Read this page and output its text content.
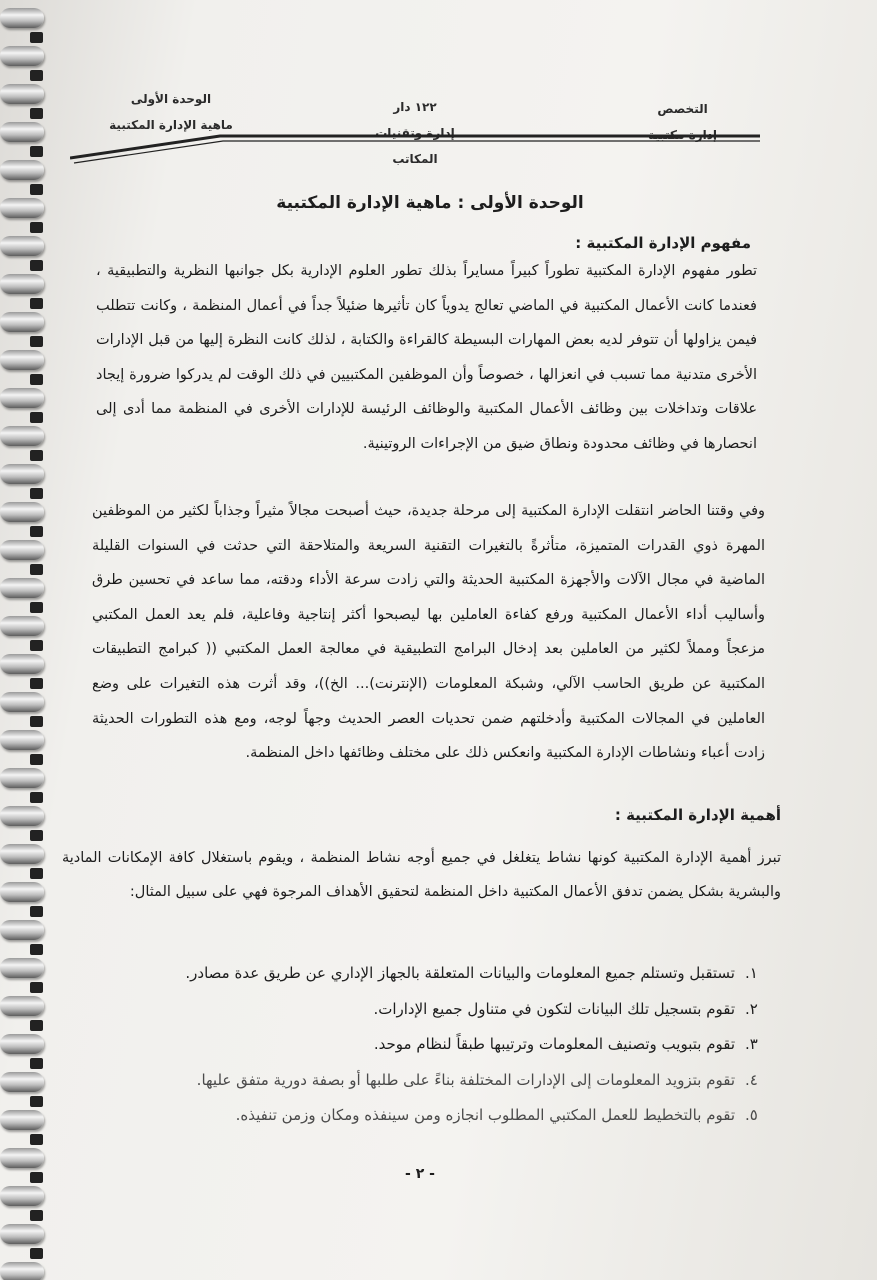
التخصص
إدارة مكتبية
١٢٢ دار
إدارة وتقنيات المكاتب
الوحدة الأولى
ماهية الإدارة المكتبية
الوحدة الأولى : ماهية الإدارة المكتبية
مفهوم الإدارة المكتبية :

تطور مفهوم الإدارة المكتبية تطوراً كبيراً مسايراً بذلك تطور العلوم الإدارية بكل جوانبها النظرية والتطبيقية ، فعندما كانت الأعمال المكتبية في الماضي تعالج يدوياً كان تأثيرها ضئيلاً جداً في أعمال المنظمة ، وكانت تتطلب فيمن يزاولها أن تتوفر لديه بعض المهارات البسيطة كالقراءة والكتابة ، لذلك كانت النظرة إليها من قبل الإدارات الأخرى متدنية مما تسبب في انعزالها ، خصوصاً وأن الموظفين المكتبيين في ذلك الوقت لم يدركوا ضرورة إيجاد علاقات وتداخلات بين وظائف الأعمال المكتبية والوظائف الرئيسة للإدارات الأخرى في المنظمة مما أدى إلى انحصارها في وظائف محدودة ونطاق ضيق من الإجراءات الروتينية.

وفي وقتنا الحاضر انتقلت الإدارة المكتبية إلى مرحلة جديدة، حيث أصبحت مجالاً مثيراً وجذاباً لكثير من الموظفين المهرة ذوي القدرات المتميزة، متأثرةً بالتغيرات التقنية السريعة والمتلاحقة التي حدثت في السنوات القليلة الماضية في مجال الآلات والأجهزة المكتبية الحديثة والتي زادت سرعة الأداء ودقته، مما ساعد في تحسين طرق وأساليب أداء الأعمال المكتبية ورفع كفاءة العاملين بها ليصبحوا أكثر إنتاجية وفاعلية، فلم يعد العمل المكتبي مزعجاً ومملاً لكثير من العاملين بعد إدخال البرامج التطبيقية في معالجة العمل المكتبي (( كبرامج التطبيقات المكتبية عن طريق الحاسب الآلي، وشبكة المعلومات (الإنترنت)... الخ))، وقد أثرت هذه التغيرات على وضع العاملين في المجالات المكتبية وأدخلتهم ضمن تحديات العصر الحديث وجهاً لوجه، ومع هذه التطورات الحديثة زادت أعباء ونشاطات الإدارة المكتبية وانعكس ذلك على مختلف وظائفها داخل المنظمة.

أهمية الإدارة المكتبية :

تبرز أهمية الإدارة المكتبية كونها نشاط يتغلغل في جميع أوجه نشاط المنظمة ، ويقوم باستغلال كافة الإمكانات المادية والبشرية بشكل يضمن تدفق الأعمال المكتبية داخل المنظمة لتحقيق الأهداف المرجوة فهي على سبيل المثال:

١.
تستقبل وتستلم جميع المعلومات والبيانات المتعلقة بالجهاز الإداري عن طريق عدة مصادر.
٢.
تقوم بتسجيل تلك البيانات لتكون في متناول جميع الإدارات.
٣.
تقوم بتبويب وتصنيف المعلومات وترتيبها طبقاً لنظام موحد.
٤.
تقوم بتزويد المعلومات إلى الإدارات المختلفة بناءً على طلبها أو بصفة دورية متفق عليها.
٥.
تقوم بالتخطيط للعمل المكتبي المطلوب انجازه ومن سينفذه ومكان وزمن تنفيذه.
- ٢ -
